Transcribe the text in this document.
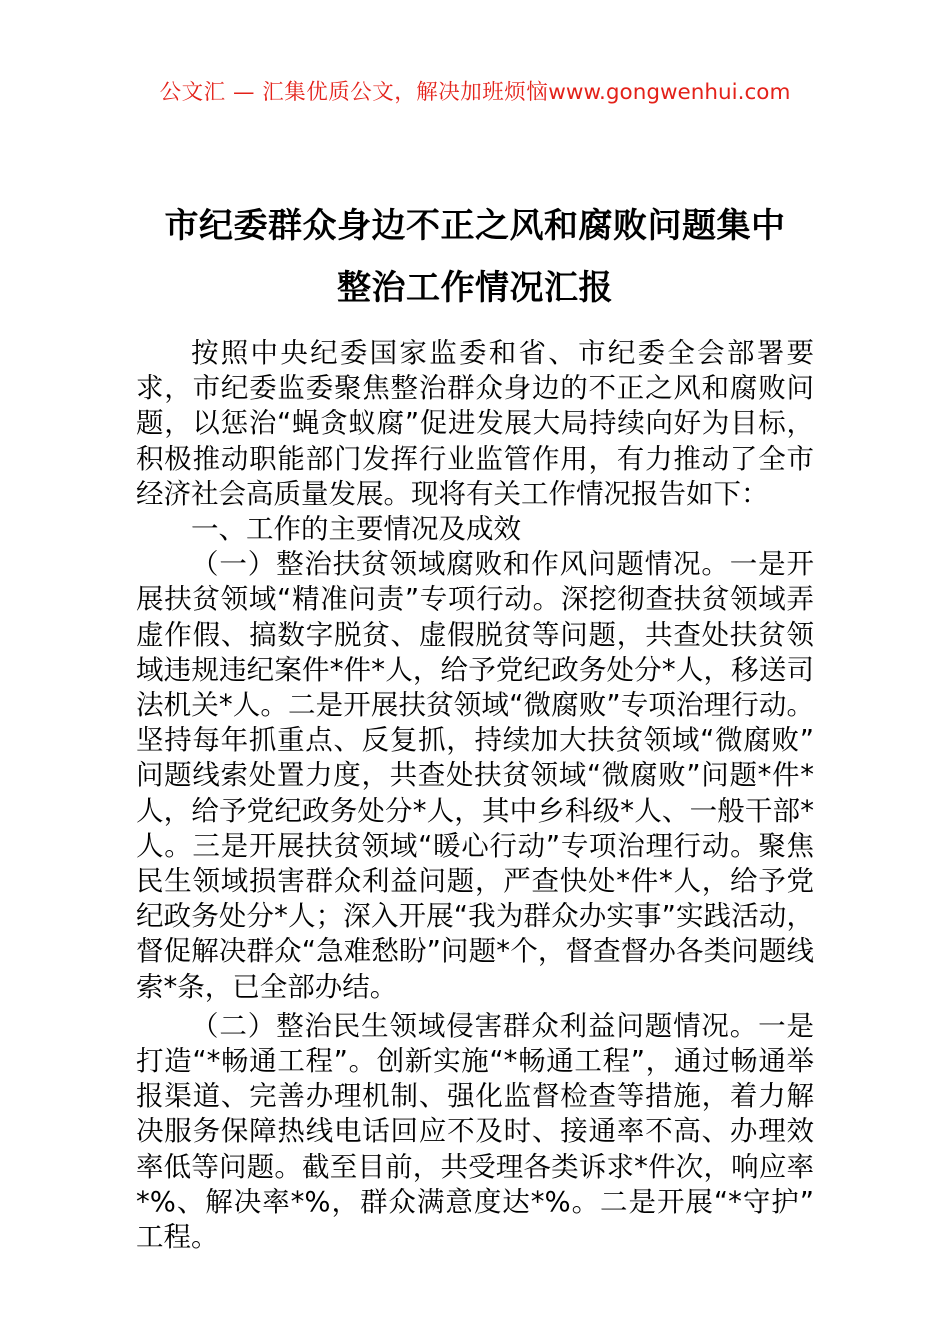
公文汇 — 汇集优质公文，解决加班烦恼www.gongwenhui.com
市纪委群众身边不正之风和腐败问题集中
整治工作情况汇报

按照中央纪委国家监委和省、市纪委全会部署要求，市纪委监委聚焦整治群众身边的不正之风和腐败问题，以惩治“蝇贪蚁腐”促进发展大局持续向好为目标，积极推动职能部门发挥行业监管作用，有力推动了全市经济社会高质量发展。现将有关工作情况报告如下：

一、工作的主要情况及成效

（一）整治扶贫领域腐败和作风问题情况。一是开展扶贫领域“精准问责”专项行动。深挖彻查扶贫领域弄虚作假、搞数字脱贫、虚假脱贫等问题，共查处扶贫领域违规违纪案件*件*人，给予党纪政务处分*人，移送司法机关*人。二是开展扶贫领域“微腐败”专项治理行动。坚持每年抓重点、反复抓，持续加大扶贫领域“微腐败”问题线索处置力度，共查处扶贫领域“微腐败”问题*件*人，给予党纪政务处分*人，其中乡科级*人、一般干部*人。三是开展扶贫领域“暖心行动”专项治理行动。聚焦民生领域损害群众利益问题，严查快处*件*人，给予党纪政务处分*人；深入开展“我为群众办实事”实践活动，督促解决群众“急难愁盼”问题*个，督查督办各类问题线索*条，已全部办结。

（二）整治民生领域侵害群众利益问题情况。一是打造“*畅通工程”。创新实施“*畅通工程”，通过畅通举报渠道、完善办理机制、强化监督检查等措施，着力解决服务保障热线电话回应不及时、接通率不高、办理效率低等问题。截至目前，共受理各类诉求*件次，响应率*%、解决率*%，群众满意度达*%。二是开展“*守护”工程。
